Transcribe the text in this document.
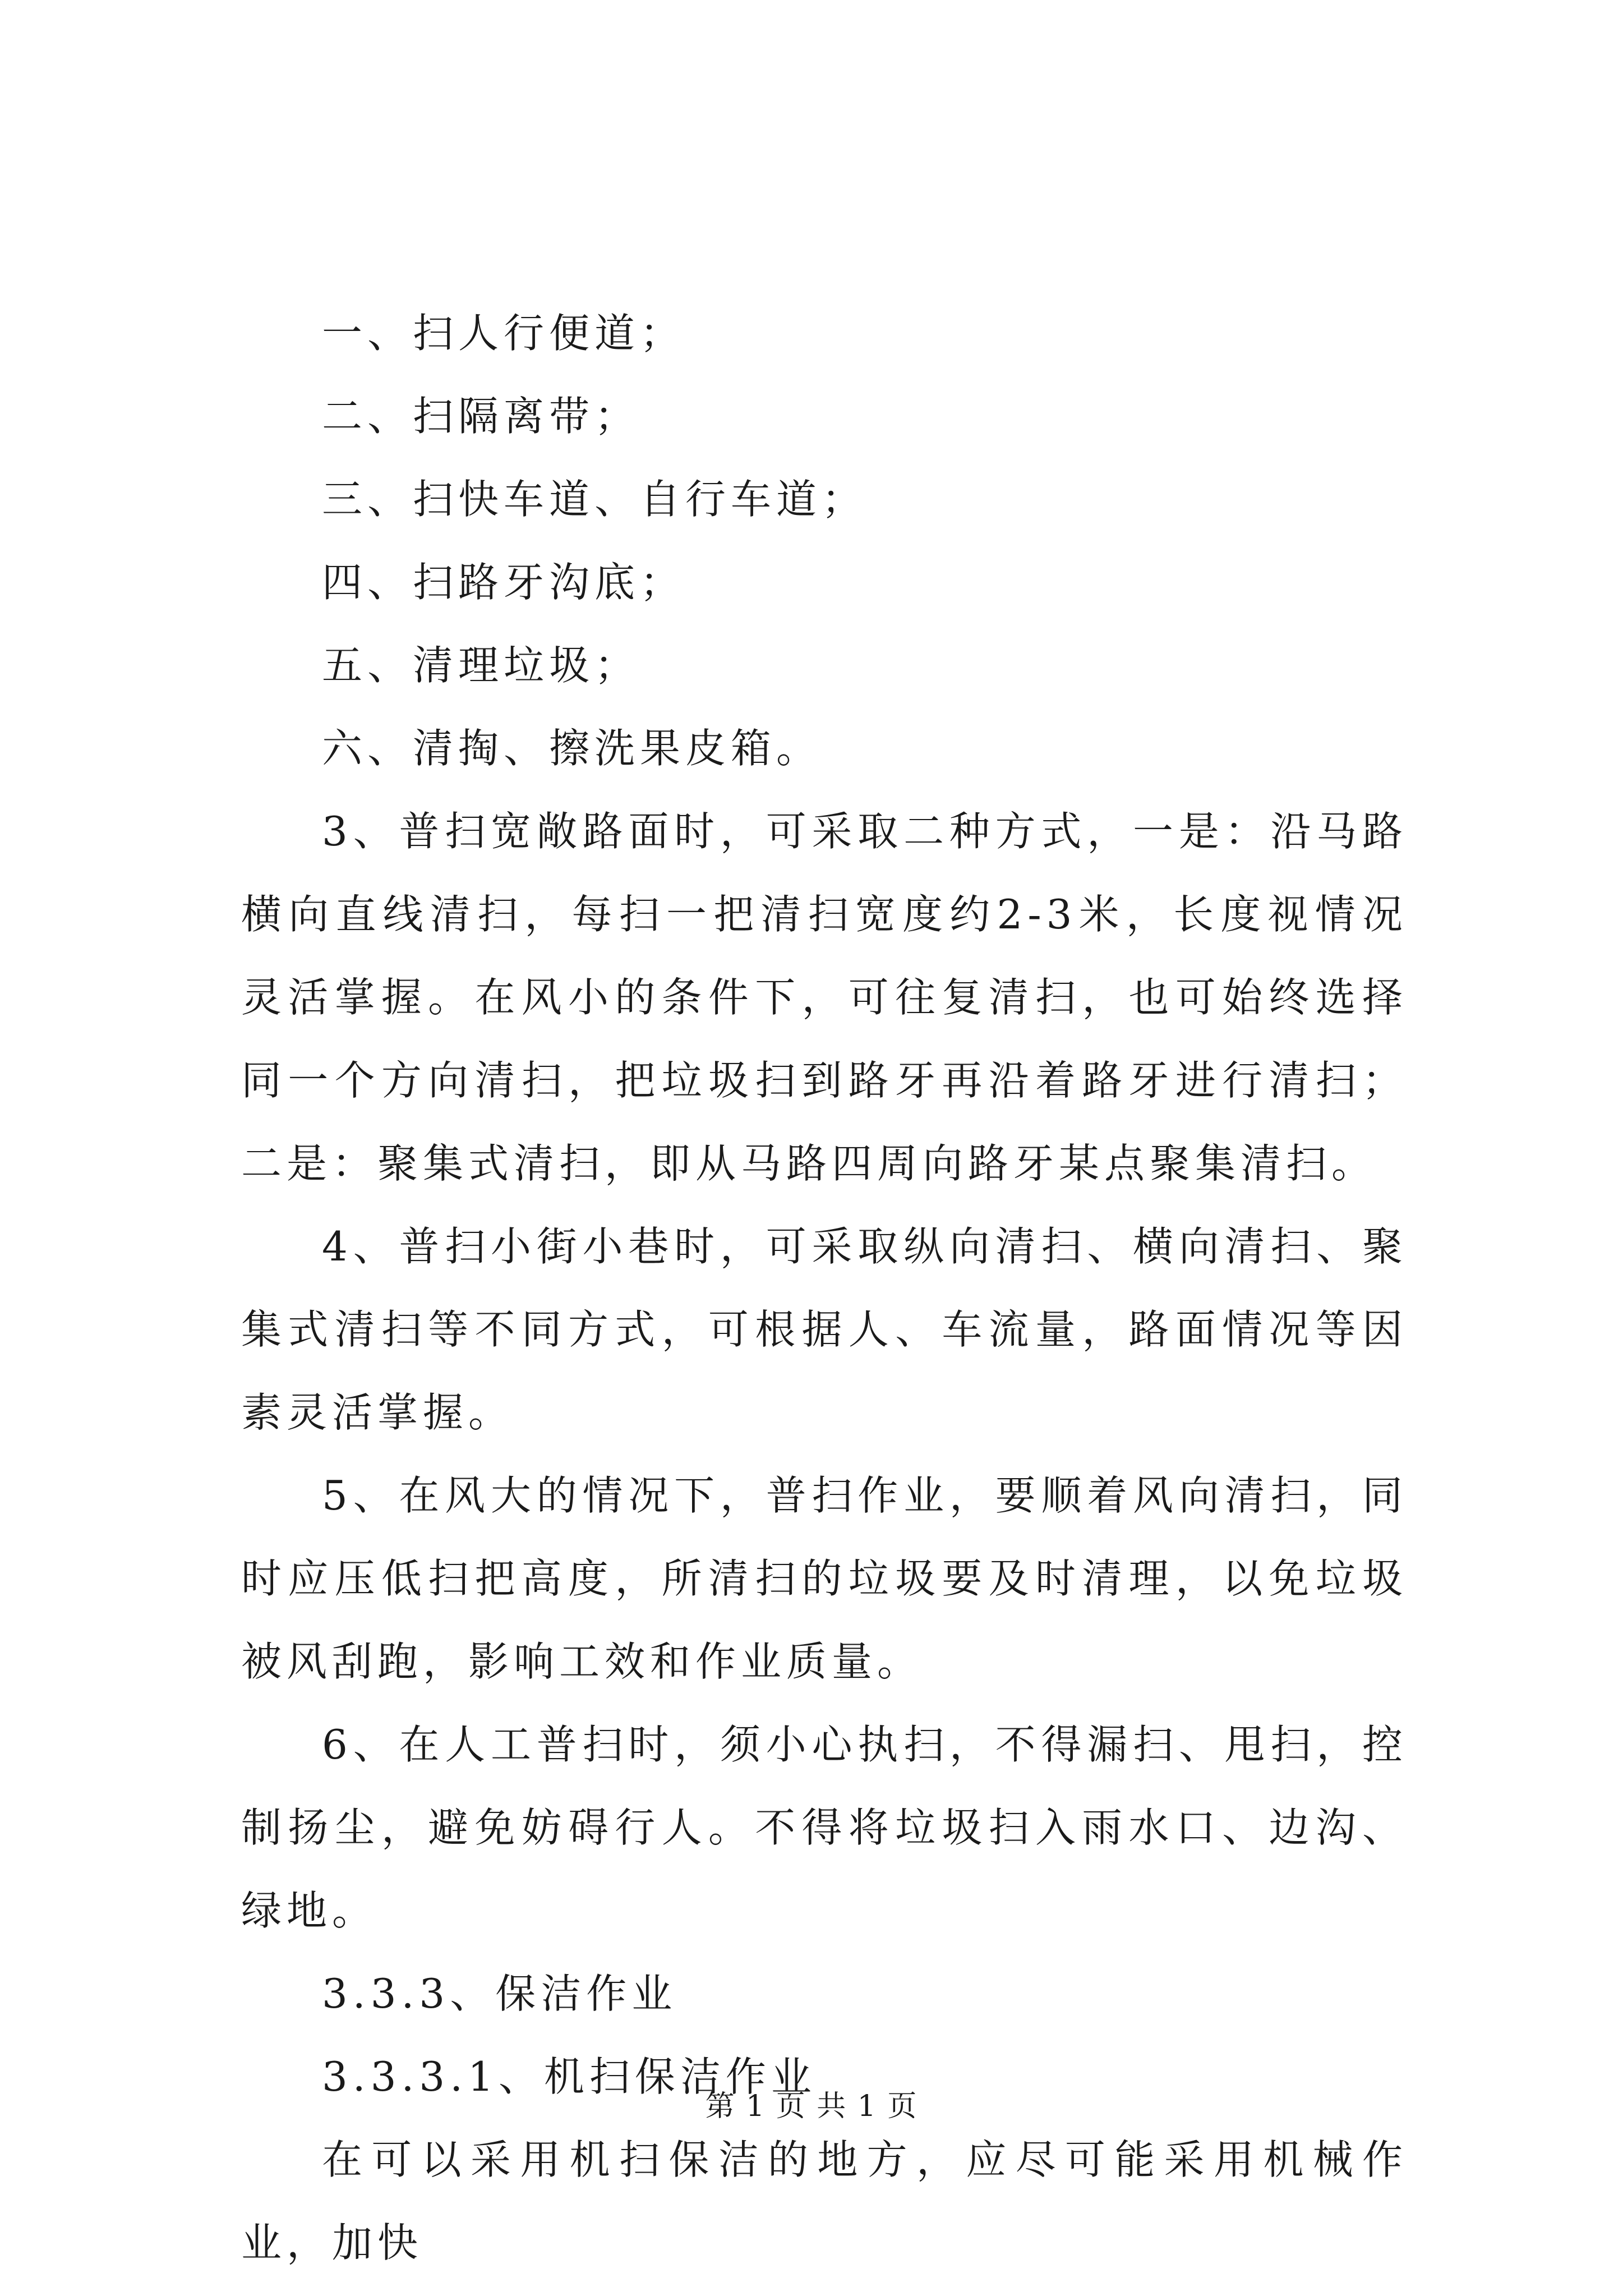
一、扫人行便道；

二、扫隔离带；

三、扫快车道、自行车道；

四、扫路牙沟底；

五、清理垃圾；

六、清掏、擦洗果皮箱。

3、普扫宽敞路面时，可采取二种方式，一是：沿马路横向直线清扫，每扫一把清扫宽度约2-3米，长度视情况灵活掌握。在风小的条件下，可往复清扫，也可始终选择同一个方向清扫，把垃圾扫到路牙再沿着路牙进行清扫；二是：聚集式清扫，即从马路四周向路牙某点聚集清扫。

4、普扫小街小巷时，可采取纵向清扫、横向清扫、聚集式清扫等不同方式，可根据人、车流量，路面情况等因素灵活掌握。

5、在风大的情况下，普扫作业，要顺着风向清扫，同时应压低扫把高度，所清扫的垃圾要及时清理，以免垃圾被风刮跑，影响工效和作业质量。

6、在人工普扫时，须小心执扫，不得漏扫、甩扫，控制扬尘，避免妨碍行人。不得将垃圾扫入雨水口、边沟、绿地。

3.3.3、保洁作业

3.3.3.1、机扫保洁作业

在可以采用机扫保洁的地方，应尽可能采用机械作业，加快

第 1 页 共 1 页
